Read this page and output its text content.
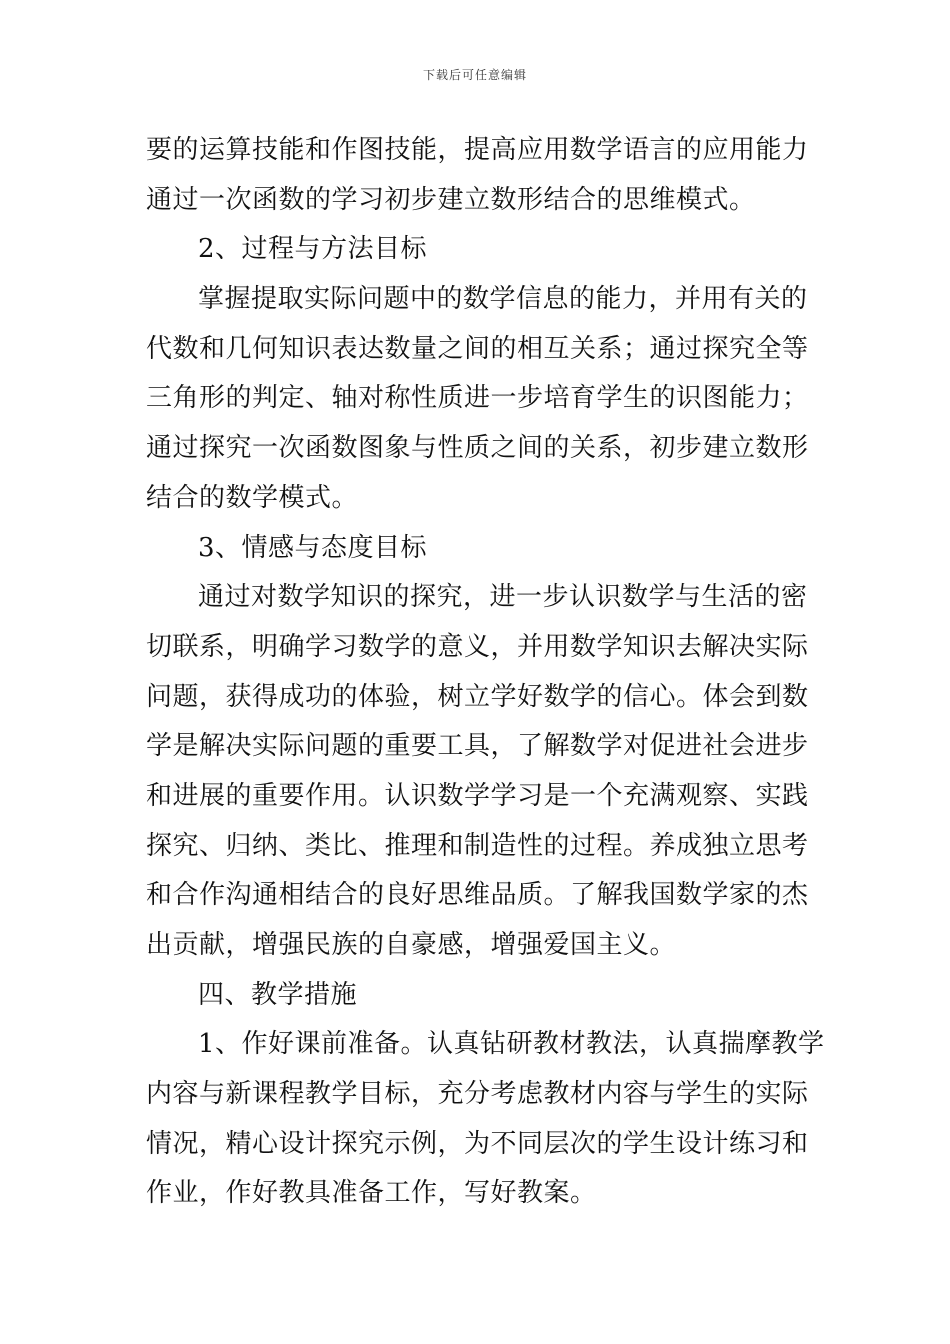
下载后可任意编辑
要的运算技能和作图技能，提高应用数学语言的应用能力
通过一次函数的学习初步建立数形结合的思维模式。
2、过程与方法目标
掌握提取实际问题中的数学信息的能力，并用有关的
代数和几何知识表达数量之间的相互关系；通过探究全等
三角形的判定、轴对称性质进一步培育学生的识图能力；
通过探究一次函数图象与性质之间的关系，初步建立数形
结合的数学模式。
3、情感与态度目标
通过对数学知识的探究，进一步认识数学与生活的密
切联系，明确学习数学的意义，并用数学知识去解决实际
问题，获得成功的体验，树立学好数学的信心。体会到数
学是解决实际问题的重要工具，了解数学对促进社会进步
和进展的重要作用。认识数学学习是一个充满观察、实践
探究、归纳、类比、推理和制造性的过程。养成独立思考
和合作沟通相结合的良好思维品质。了解我国数学家的杰
出贡献，增强民族的自豪感，增强爱国主义。
四、教学措施
1、作好课前准备。认真钻研教材教法，认真揣摩教学
内容与新课程教学目标，充分考虑教材内容与学生的实际
情况，精心设计探究示例，为不同层次的学生设计练习和
作业，作好教具准备工作，写好教案。
